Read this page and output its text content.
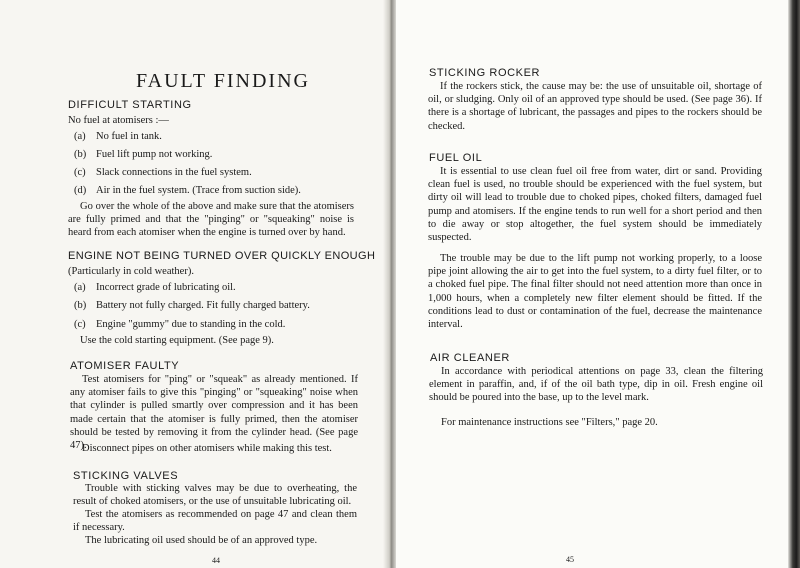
FAULT FINDING
DIFFICULT STARTING
No fuel at atomisers :—
(a) No fuel in tank.
(b) Fuel lift pump not working.
(c) Slack connections in the fuel system.
(d) Air in the fuel system. (Trace from suction side).
Go over the whole of the above and make sure that the atomisers are fully primed and that the "pinging" or "squeaking" noise is heard from each atomiser when the engine is turned over by hand.
ENGINE NOT BEING TURNED OVER QUICKLY ENOUGH
(Particularly in cold weather).
(a) Incorrect grade of lubricating oil.
(b) Battery not fully charged. Fit fully charged battery.
(c) Engine "gummy" due to standing in the cold.
Use the cold starting equipment. (See page 9).
ATOMISER FAULTY
Test atomisers for "ping" or "squeak" as already mentioned. If any atomiser fails to give this "pinging" or "squeaking" noise when that cylinder is pulled smartly over compression and it has been made certain that the atomiser is fully primed, then the atomiser should be tested by removing it from the cylinder head. (See page 47).
Disconnect pipes on other atomisers while making this test.
STICKING VALVES
Trouble with sticking valves may be due to overheating, the result of choked atomisers, or the use of unsuitable lubricating oil.
Test the atomisers as recommended on page 47 and clean them if necessary.
The lubricating oil used should be of an approved type.
44
STICKING ROCKER
If the rockers stick, the cause may be: the use of unsuitable oil, shortage of oil, or sludging. Only oil of an approved type should be used. (See page 36). If there is a shortage of lubricant, the passages and pipes to the rockers should be checked.
FUEL OIL
It is essential to use clean fuel oil free from water, dirt or sand. Providing clean fuel is used, no trouble should be experienced with the fuel system, but dirty oil will lead to trouble due to choked pipes, choked filters, damaged fuel pump and atomisers. If the engine tends to run well for a short period and then to die away or stop altogether, the fuel system should be immediately suspected.
The trouble may be due to the lift pump not working properly, to a loose pipe joint allowing the air to get into the fuel system, to a dirty fuel filter, or to a choked fuel pipe. The final filter should not need attention more than once in 1,000 hours, when a completely new filter element should be fitted. If the conditions lead to dust or contamination of the fuel, decrease the maintenance interval.
AIR CLEANER
In accordance with periodical attentions on page 33, clean the filtering element in paraffin, and, if of the oil bath type, dip in oil. Fresh engine oil should be poured into the base, up to the level mark.
For maintenance instructions see "Filters," page 20.
45
